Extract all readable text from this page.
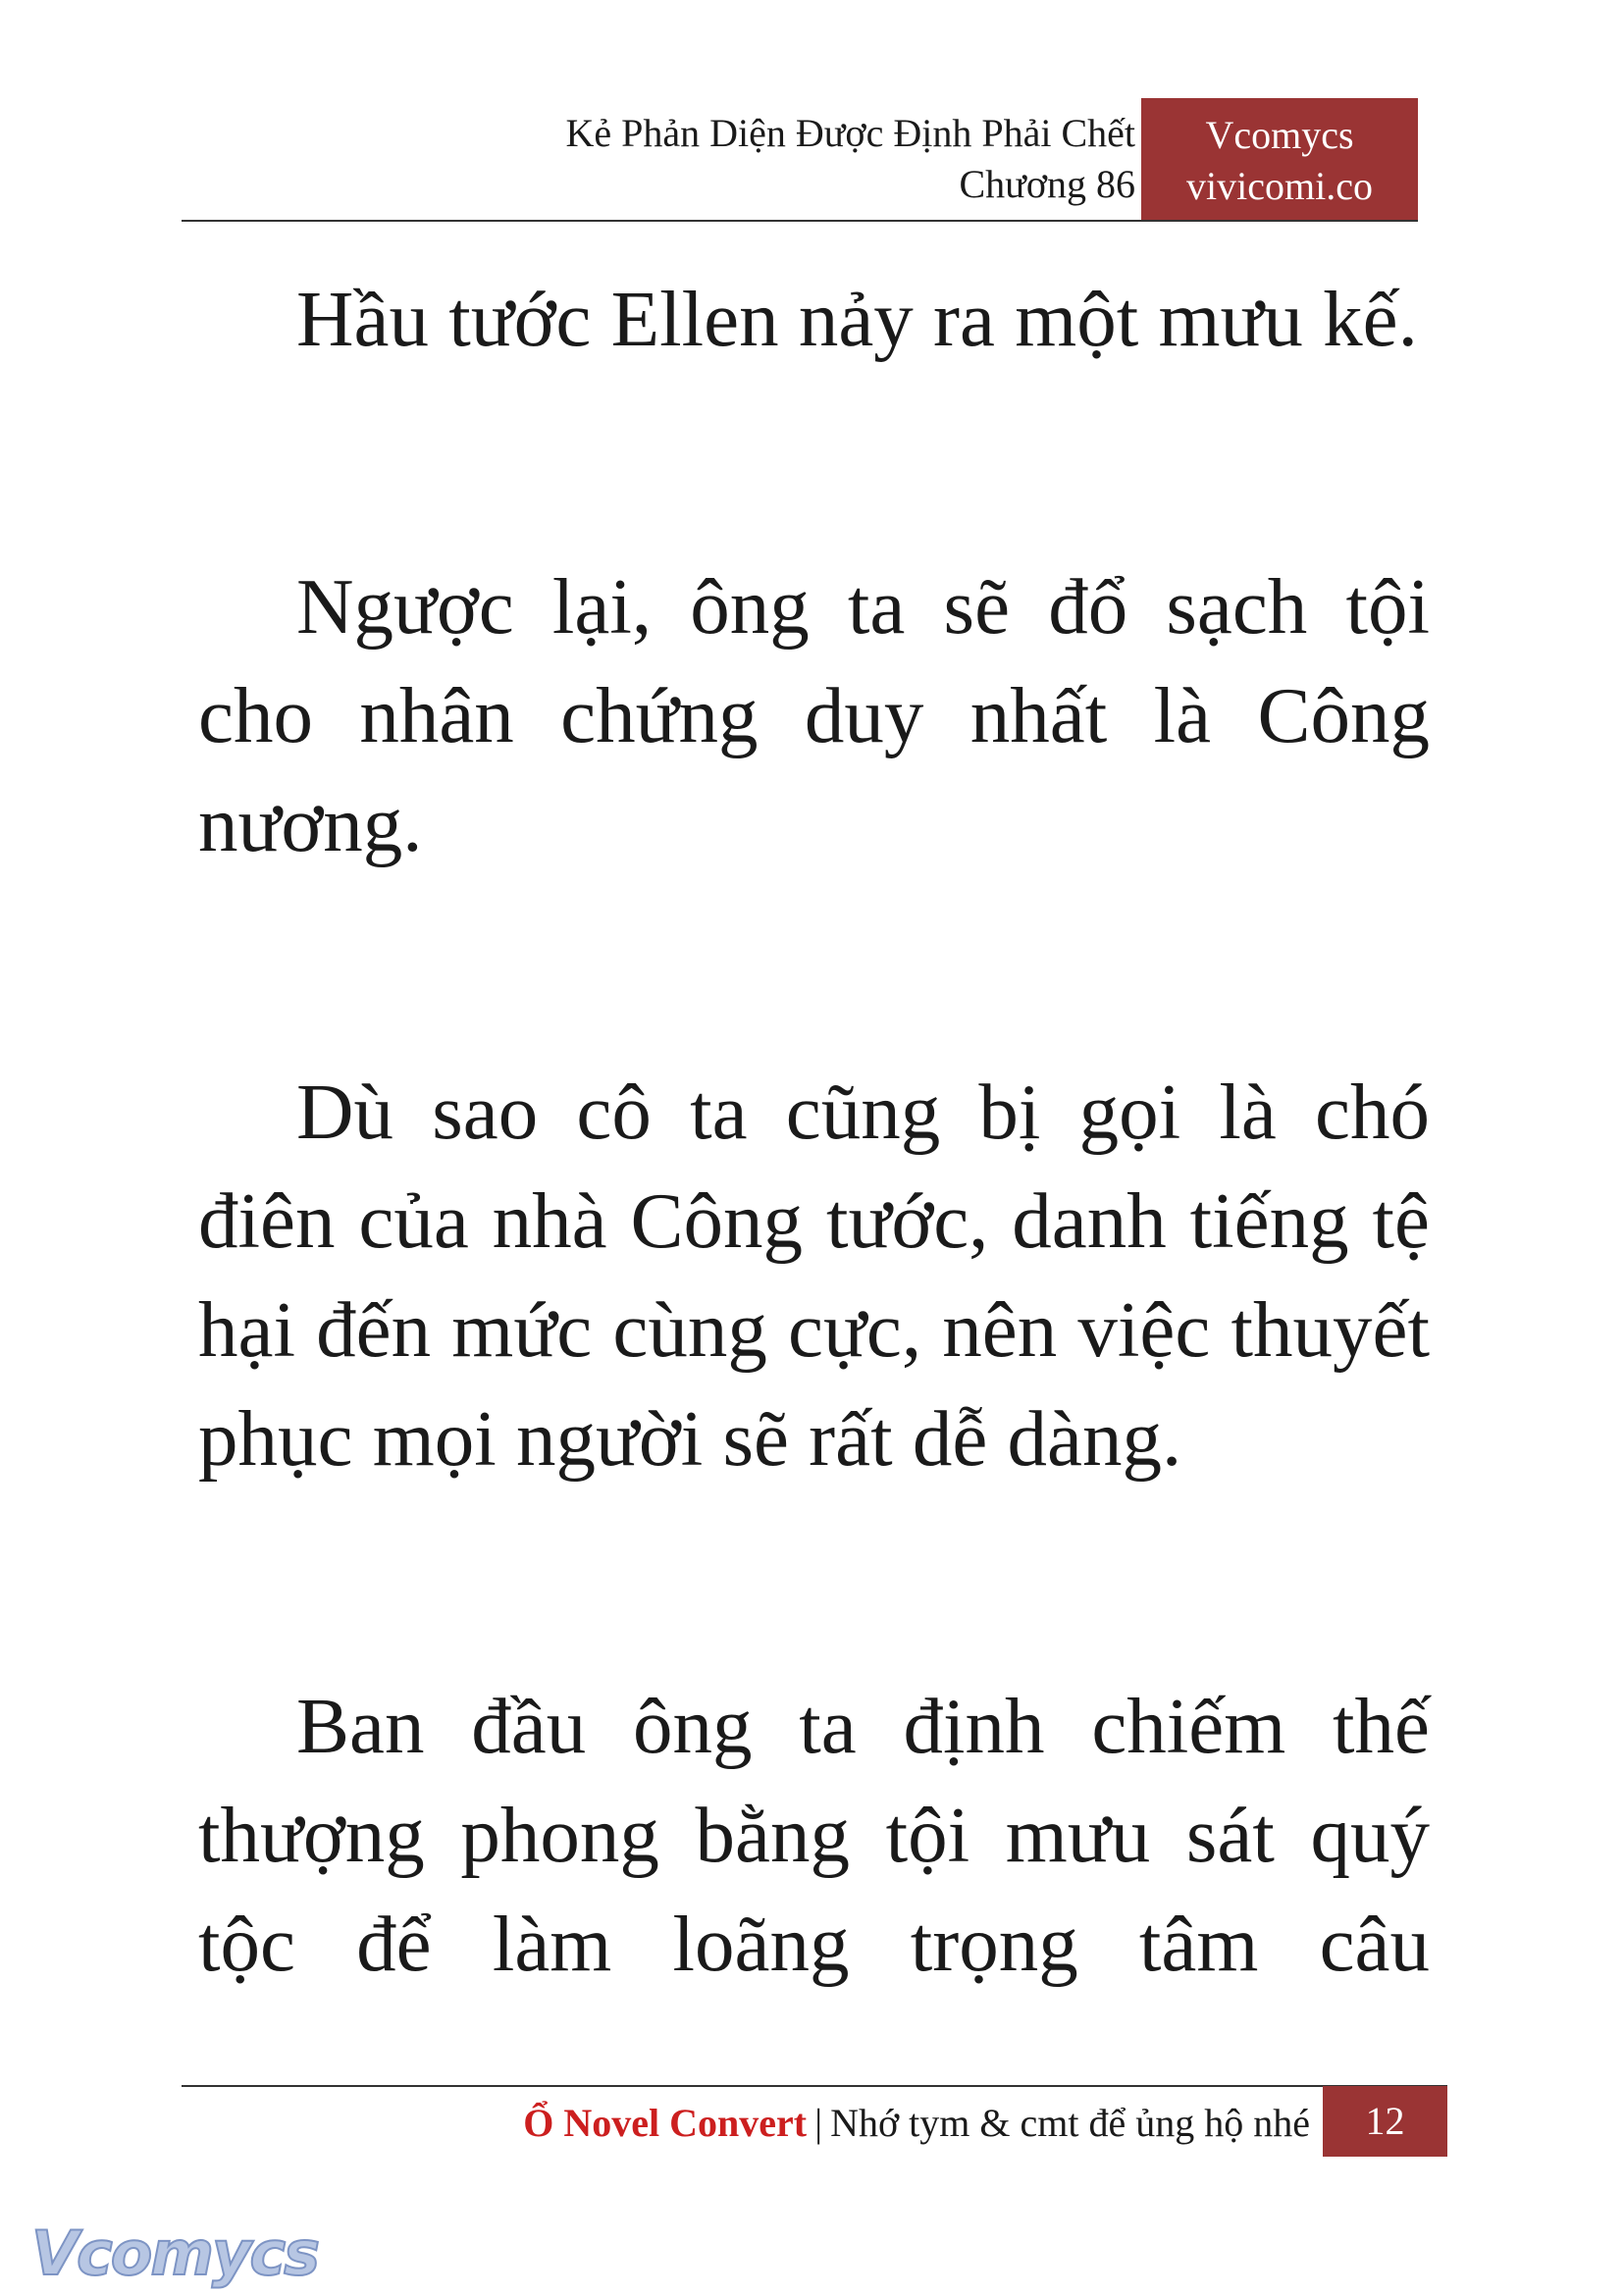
Kẻ Phản Diện Được Định Phải Chết
Chương 86
Vcomycs
vivicomi.co

Hầu tước Ellen nảy ra một mưu kế.

Ngược lại, ông ta sẽ đổ sạch tội cho nhân chứng duy nhất là Công nương.

Dù sao cô ta cũng bị gọi là chó điên của nhà Công tước, danh tiếng tệ hại đến mức cùng cực, nên việc thuyết phục mọi người sẽ rất dễ dàng.

Ban đầu ông ta định chiếm thế thượng phong bằng tội mưu sát quý tộc để làm loãng trọng tâm câu

Ổ Novel Convert | Nhớ tym & cmt để ủng hộ nhé	12
Vcomycs
